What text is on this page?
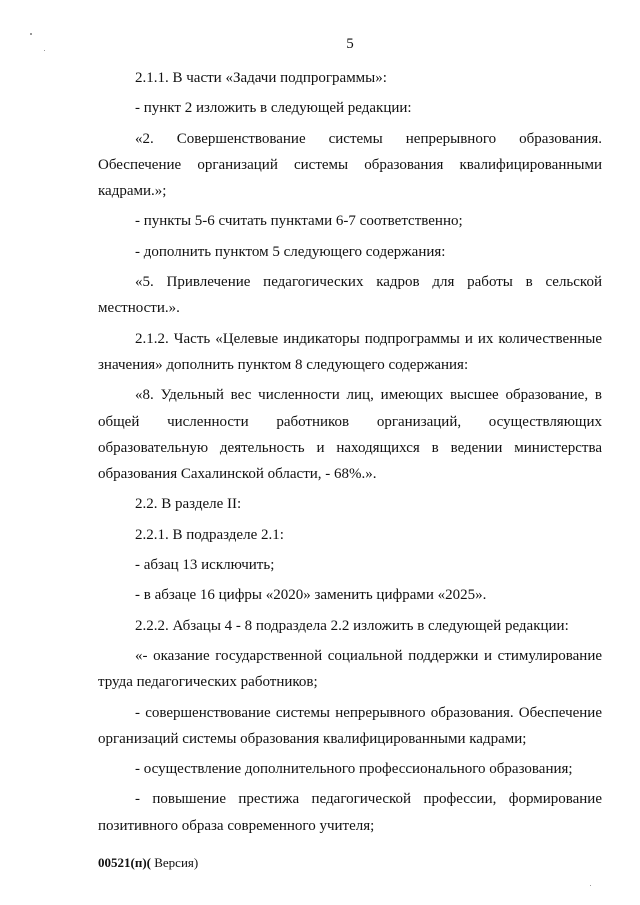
5

2.1.1. В части «Задачи подпрограммы»:

- пункт 2 изложить в следующей редакции:

«2. Совершенствование системы непрерывного образования. Обеспечение организаций системы образования квалифицированными кадрами.»;

- пункты 5-6 считать пунктами 6-7 соответственно;

- дополнить пунктом 5 следующего содержания:

«5. Привлечение педагогических кадров для работы в сельской местности.».

2.1.2. Часть «Целевые индикаторы подпрограммы и их количественные значения» дополнить пунктом 8 следующего содержания:

«8. Удельный вес численности лиц, имеющих высшее образование, в общей численности работников организаций, осуществляющих образовательную деятельность и находящихся в ведении министерства образования Сахалинской области, - 68%.».

2.2. В разделе II:

2.2.1. В подразделе 2.1:

- абзац 13 исключить;

- в абзаце 16 цифры «2020» заменить цифрами «2025».

2.2.2. Абзацы 4 - 8 подраздела 2.2 изложить в следующей редакции:

«- оказание государственной социальной поддержки и стимулирование труда педагогических работников;

- совершенствование системы непрерывного образования. Обеспечение организаций системы образования квалифицированными кадрами;

- осуществление дополнительного профессионального образования;

- повышение престижа педагогической профессии, формирование позитивного образа современного учителя;

00521(п)( Версия)
